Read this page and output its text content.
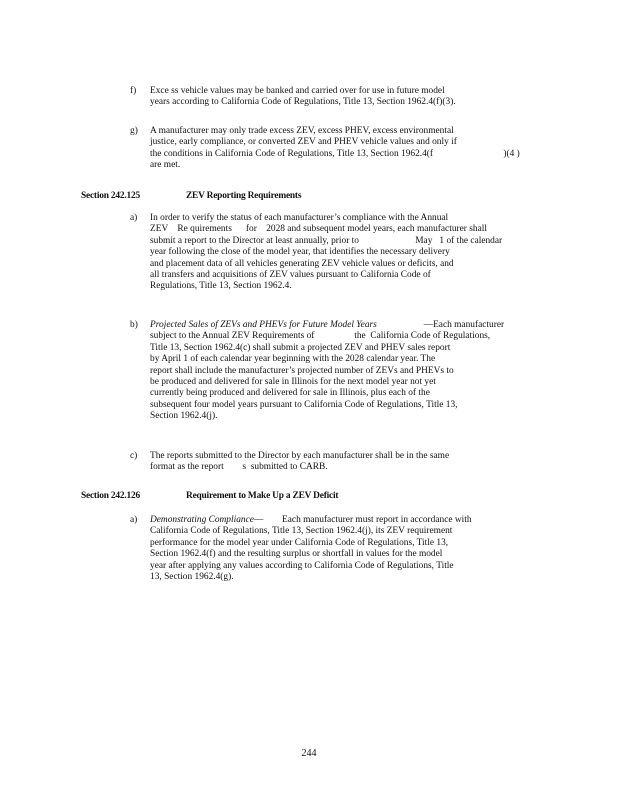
f)	Exce ss vehicle values may be banked and carried over for use in future model

years according to California Code of Regulations, Title 13, Section 1962.4(f)(3).

g)	A manufacturer may only trade excess ZEV, excess PHEV, excess environmental

justice, early compliance, or converted ZEV and PHEV vehicle values and only if

the conditions in California Code of Regulations, Title 13, Section 1962.4(f                              )(4 )

are met.

Section 242.125	ZEV Reporting Requirements
a)	In order to verify the status of each manufacturer’s compliance with the Annual

ZEV    Re quirements      for    2028 and subsequent model years, each manufacturer shall

submit a report to the Director at least annually, prior to                        May   1 of the calendar

year following the close of the model year, that identifies the necessary delivery

and placement data of all vehicles generating ZEV vehicle values or deficits, and

all transfers and acquisitions of ZEV values pursuant to California Code of

Regulations, Title 13, Section 1962.4.

b)	Projected Sales of ZEVs and PHEVs for Future Model Years                    —Each manufacturer

subject to the Annual ZEV Requirements of                 the  California Code of Regulations,

Title 13, Section 1962.4(c) shall submit a projected ZEV and PHEV sales report

by April 1 of each calendar year beginning with the 2028 calendar year. The

report shall include the manufacturer’s projected number of ZEVs and PHEVs to

be produced and delivered for sale in Illinois for the next model year not yet

currently being produced and delivered for sale in Illinois, plus each of the

subsequent four model years pursuant to California Code of Regulations, Title 13,

Section 1962.4(j).

c)	The reports submitted to the Director by each manufacturer shall be in the same

format as the report        s  submitted to CARB.

Section 242.126	Requirement to Make Up a ZEV Deficit
a)	Demonstrating Compliance—        Each manufacturer must report in accordance with

California Code of Regulations, Title 13, Section 1962.4(j), its ZEV requirement

performance for the model year under California Code of Regulations, Title 13,

Section 1962.4(f) and the resulting surplus or shortfall in values for the model

year after applying any values according to California Code of Regulations, Title

13, Section 1962.4(g).

244
